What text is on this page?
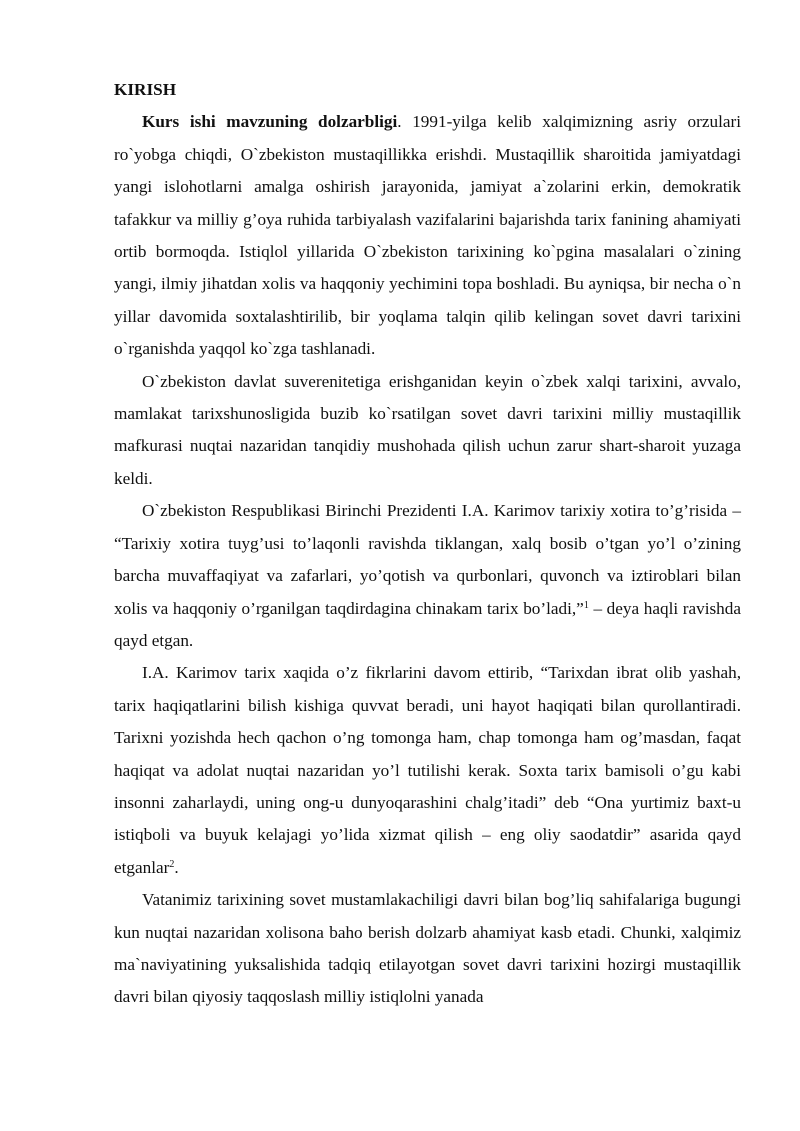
KIRISH

Kurs ishi mavzuning dolzarbligi. 1991-yilga kelib xalqimizning asriy orzulari ro`yobga chiqdi, O`zbekiston mustaqillikka erishdi. Mustaqillik sharoitida jamiyatdagi yangi islohotlarni amalga oshirish jarayonida, jamiyat a`zolarini erkin, demokratik tafakkur va milliy g’oya ruhida tarbiyalash vazifalarini bajarishda tarix fanining ahamiyati ortib bormoqda. Istiqlol yillarida O`zbekiston tarixining ko`pgina masalalari o`zining yangi, ilmiy jihatdan xolis va haqqoniy yechimini topa boshladi. Bu ayniqsa, bir necha o`n yillar davomida soxtalashtirilib, bir yoqlama talqin qilib kelingan sovet davri tarixini o`rganishda yaqqol ko`zga tashlanadi.

O`zbekiston davlat suverenitetiga erishganidan keyin o`zbek xalqi tarixini, avvalo, mamlakat tarixshunosligida buzib ko`rsatilgan sovet davri tarixini milliy mustaqillik mafkurasi nuqtai nazaridan tanqidiy mushohada qilish uchun zarur shart-sharoit yuzaga keldi.

O`zbekiston Respublikasi Birinchi Prezidenti I.A. Karimov tarixiy xotira to’g’risida – “Tarixiy xotira tuyg’usi to’laqonli ravishda tiklangan, xalq bosib o’tgan yo’l o’zining barcha muvaffaqiyat va zafarlari, yo’qotish va qurbonlari, quvonch va iztiroblari bilan xolis va haqqoniy o’rganilgan taqdirdagina chinakam tarix bo’ladi,”$^1$ – deya haqli ravishda qayd etgan.

I.A. Karimov tarix xaqida o’z fikrlarini davom ettirib, “Tarixdan ibrat olib yashah, tarix haqiqatlarini bilish kishiga quvvat beradi, uni hayot haqiqati bilan qurollantiradi. Tarixni yozishda hech qachon o’ng tomonga ham, chap tomonga ham og’masdan, faqat haqiqat va adolat nuqtai nazaridan yo’l tutilishi kerak. Soxta tarix bamisoli o’gu kabi insonni zaharlaydi, uning ong-u dunyoqarashini chalg’itadi” deb “Ona yurtimiz baxt-u istiqboli va buyuk kelajagi yo’lida xizmat qilish – eng oliy saodatdir” asarida qayd etganlar$^2$.

Vatanimiz tarixining sovet mustamlakachiligi davri bilan bog’liq sahifalariga bugungi kun nuqtai nazaridan xolisona baho berish dolzarb ahamiyat kasb etadi. Chunki, xalqimiz ma`naviyatining yuksalishida tadqiq etilayotgan sovet davri tarixini hozirgi mustaqillik davri bilan qiyosiy taqqoslash milliy istiqlolni yanada
